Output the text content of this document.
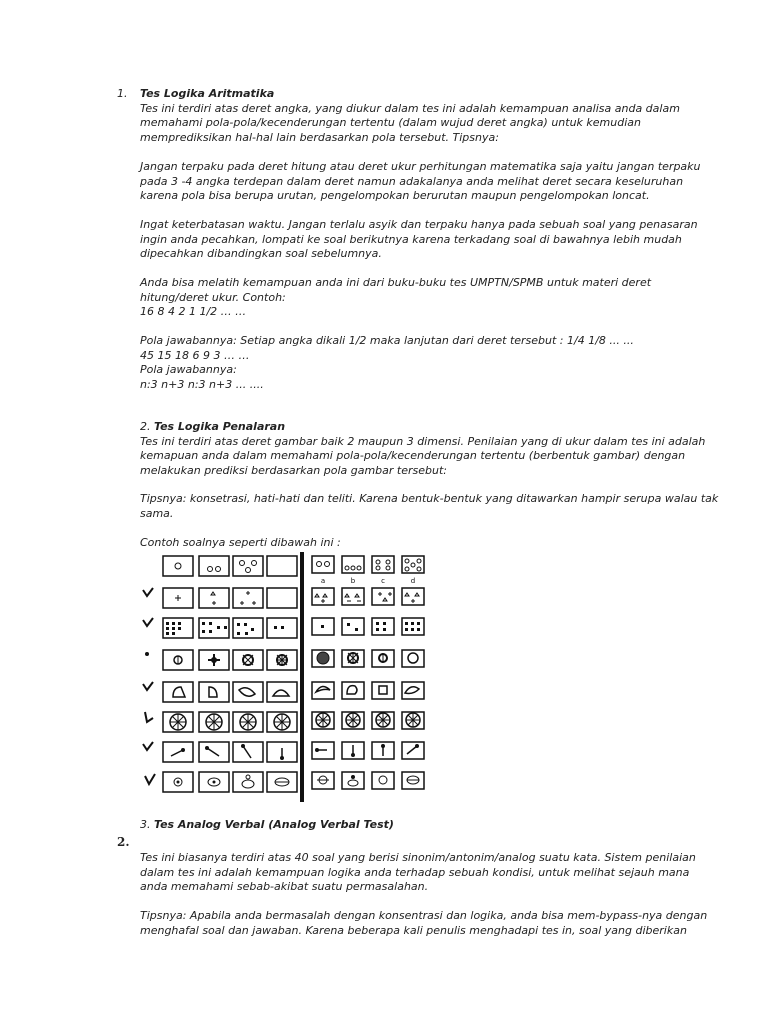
1. Tes Logika Aritmatika
Tes ini terdiri atas deret angka, yang diukur dalam tes ini adalah kemampuan analisa anda dalam
memahami pola-pola/kecenderungan tertentu (dalam wujud deret angka) untuk kemudian
memprediksikan hal-hal lain berdasarkan pola tersebut. Tipsnya:
Jangan terpaku pada deret hitung atau deret ukur perhitungan matematika saja yaitu jangan terpaku
pada 3 -4 angka terdepan dalam deret namun adakalanya anda melihat deret secara keseluruhan
karena pola bisa berupa urutan, pengelompokan berurutan maupun pengelompokan loncat.
Ingat keterbatasan waktu. Jangan terlalu asyik dan terpaku hanya pada sebuah soal yang penasaran
ingin anda pecahkan, lompati ke soal berikutnya karena terkadang soal di bawahnya lebih mudah
dipecahkan dibandingkan soal sebelumnya.
Anda bisa melatih kemampuan anda ini dari buku-buku tes UMPTN/SPMB untuk materi deret
hitung/deret ukur. Contoh:
16 8 4 2 1 1/2 … …
Pola jawabannya: Setiap angka dikali 1/2 maka lanjutan dari deret tersebut : 1/4 1/8 ... ...
45 15 18 6 9 3 … …
Pola jawabannya:
n:3 n+3 n:3 n+3 ... ....
2. Tes Logika Penalaran
Tes ini terdiri atas deret gambar baik 2 maupun 3 dimensi. Penilaian yang di ukur dalam tes ini adalah
kemapuan anda dalam memahami pola-pola/kecenderungan tertentu (berbentuk gambar) dengan
melakukan prediksi berdasarkan pola gambar tersebut:
Tipsnya: konsetrasi, hati-hati dan teliti. Karena bentuk-bentuk yang ditawarkan hampir serupa walau tak
sama.
Contoh soalnya seperti dibawah ini :
a	b	c	d
3. Tes Analog Verbal (Analog Verbal Test)
2.
Tes ini biasanya terdiri atas 40 soal yang berisi sinonim/antonim/analog suatu kata. Sistem penilaian
dalam tes ini adalah kemampuan logika anda terhadap sebuah kondisi, untuk melihat sejauh mana
anda memahami sebab-akibat suatu permasalahan.
Tipsnya: Apabila anda bermasalah dengan konsentrasi dan logika, anda bisa mem-bypass-nya dengan
menghafal soal dan jawaban. Karena beberapa kali penulis menghadapi tes in, soal yang diberikan
